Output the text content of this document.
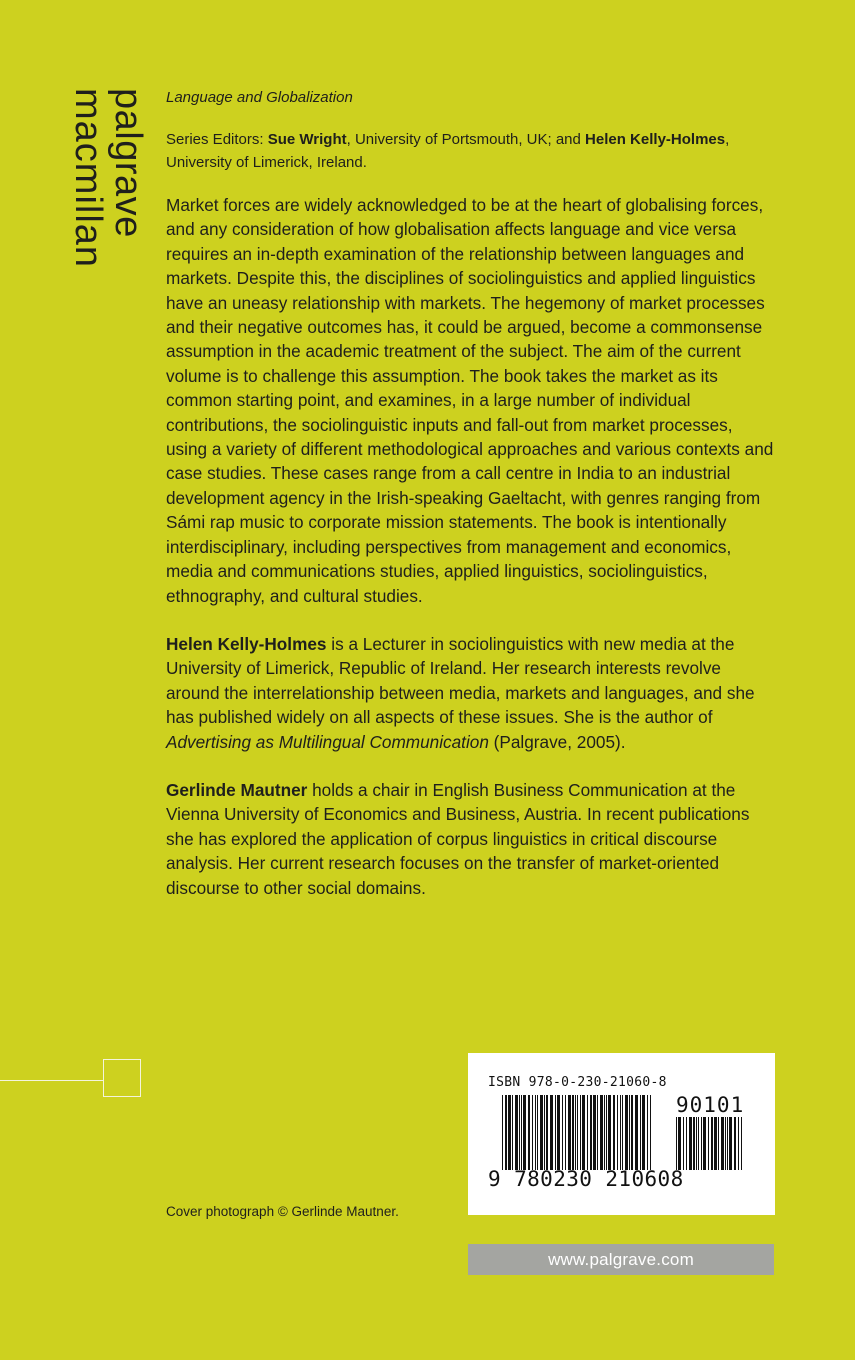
palgrave
macmillan	Language and Globalization

Series Editors: Sue Wright, University of Portsmouth, UK; and Helen Kelly-Holmes, University of Limerick, Ireland.

Market forces are widely acknowledged to be at the heart of globalising forces, and any consideration of how globalisation affects language and vice versa requires an in-depth examination of the relationship between languages and markets. Despite this, the disciplines of sociolinguistics and applied linguistics have an uneasy relationship with markets. The hegemony of market processes and their negative outcomes has, it could be argued, become a commonsense assumption in the academic treatment of the subject. The aim of the current volume is to challenge this assumption. The book takes the market as its common starting point, and examines, in a large number of individual contributions, the sociolinguistic inputs and fall-out from market processes, using a variety of different methodological approaches and various contexts and case studies. These cases range from a call centre in India to an industrial development agency in the Irish-speaking Gaeltacht, with genres ranging from Sámi rap music to corporate mission statements. The book is intentionally interdisciplinary, including perspectives from management and economics, media and communications studies, applied linguistics, sociolinguistics, ethnography, and cultural studies.

Helen Kelly-Holmes is a Lecturer in sociolinguistics with new media at the University of Limerick, Republic of Ireland. Her research interests revolve around the interrelationship between media, markets and languages, and she has published widely on all aspects of these issues. She is the author of Advertising as Multilingual Communication (Palgrave, 2005).

Gerlinde Mautner holds a chair in English Business Communication at the Vienna University of Economics and Business, Austria. In recent publications she has explored the application of corpus linguistics in critical discourse analysis. Her current research focuses on the transfer of market-oriented discourse to other social domains.

Cover photograph © Gerlinde Mautner.

ISBN 978-0-230-21060-8
90101
9 780230 210608
www.palgrave.com
